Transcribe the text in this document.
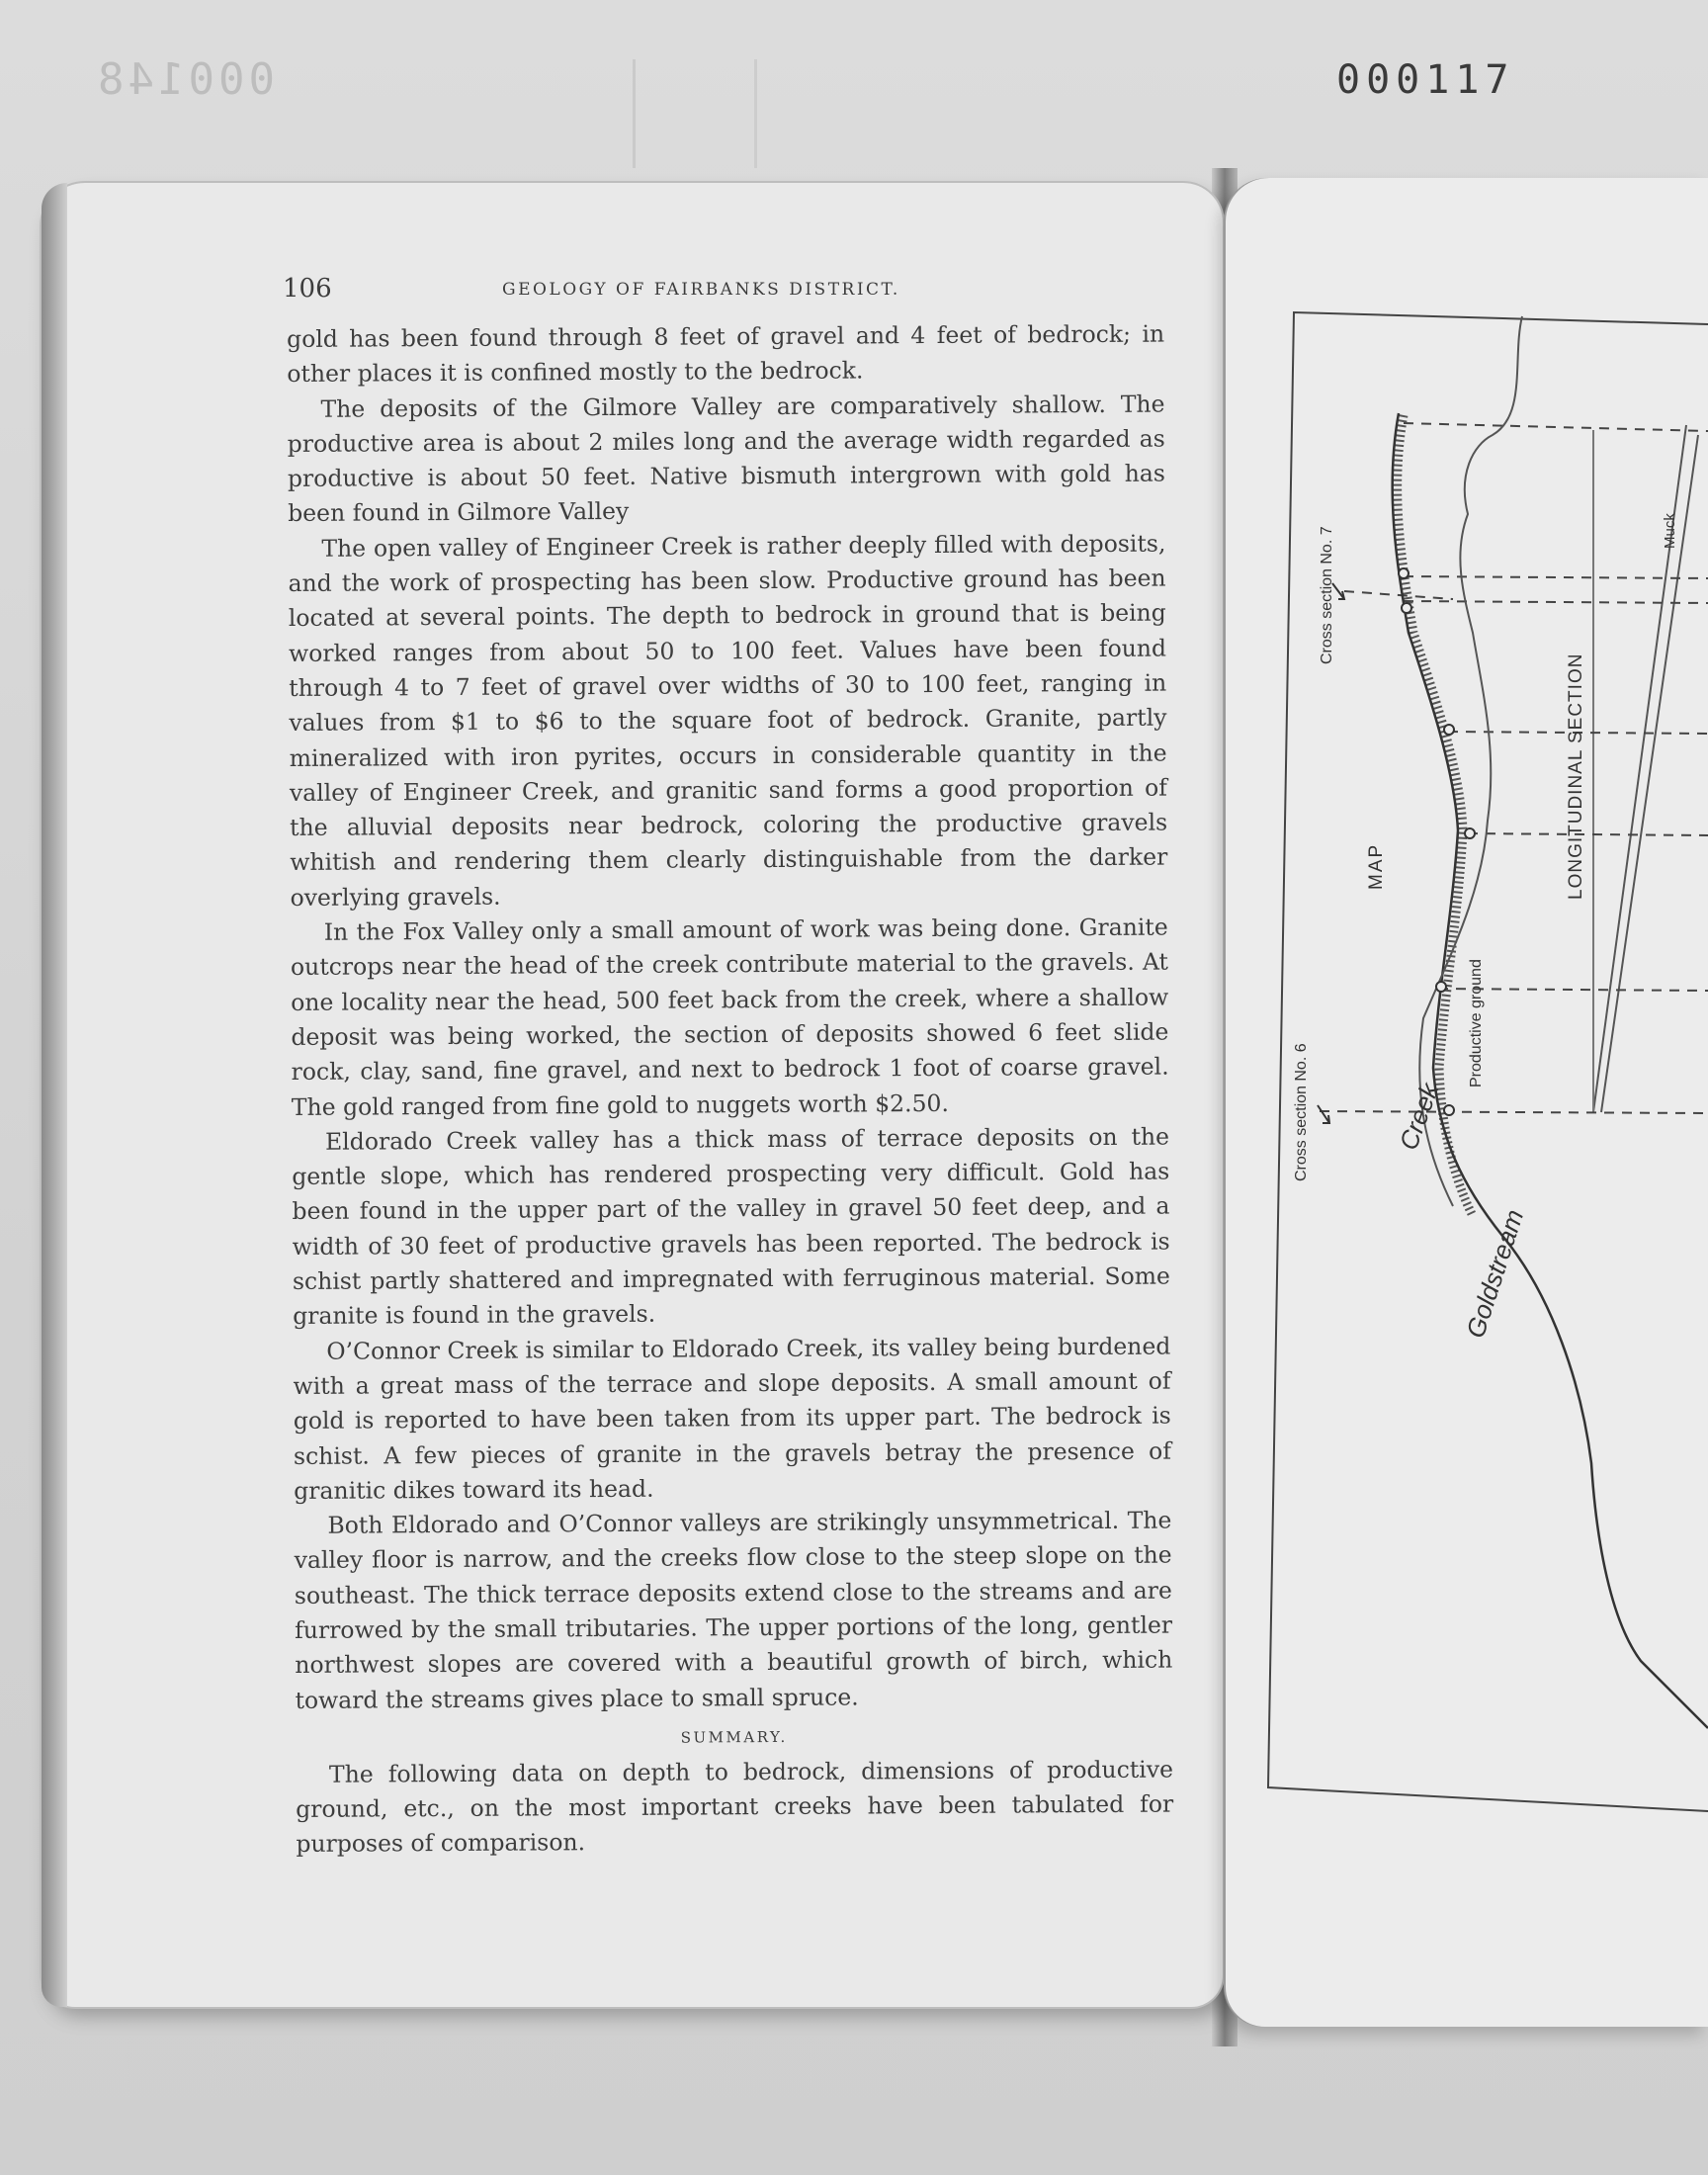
000148	000117
106	GEOLOGY OF FAIRBANKS DISTRICT.

gold has been found through 8 feet of gravel and 4 feet of bedrock; in other places it is confined mostly to the bedrock.

The deposits of the Gilmore Valley are comparatively shallow. The productive area is about 2 miles long and the average width regarded as productive is about 50 feet. Native bismuth intergrown with gold has been found in Gilmore Valley

The open valley of Engineer Creek is rather deeply filled with deposits, and the work of prospecting has been slow. Productive ground has been located at several points. The depth to bedrock in ground that is being worked ranges from about 50 to 100 feet. Values have been found through 4 to 7 feet of gravel over widths of 30 to 100 feet, ranging in values from $1 to $6 to the square foot of bedrock. Granite, partly mineralized with iron pyrites, occurs in considerable quantity in the valley of Engineer Creek, and granitic sand forms a good proportion of the alluvial deposits near bedrock, coloring the productive gravels whitish and rendering them clearly distinguishable from the darker overlying gravels.

In the Fox Valley only a small amount of work was being done. Granite outcrops near the head of the creek contribute material to the gravels. At one locality near the head, 500 feet back from the creek, where a shallow deposit was being worked, the section of deposits showed 6 feet slide rock, clay, sand, fine gravel, and next to bedrock 1 foot of coarse gravel. The gold ranged from fine gold to nuggets worth $2.50.

Eldorado Creek valley has a thick mass of terrace deposits on the gentle slope, which has rendered prospecting very difficult. Gold has been found in the upper part of the valley in gravel 50 feet deep, and a width of 30 feet of productive gravels has been reported. The bedrock is schist partly shattered and impregnated with ferruginous material. Some granite is found in the gravels.

O’Connor Creek is similar to Eldorado Creek, its valley being burdened with a great mass of the terrace and slope deposits. A small amount of gold is reported to have been taken from its upper part. The bedrock is schist. A few pieces of granite in the gravels betray the presence of granitic dikes toward its head.

Both Eldorado and O’Connor valleys are strikingly unsymmetrical. The valley floor is narrow, and the creeks flow close to the steep slope on the southeast. The thick terrace deposits extend close to the streams and are furrowed by the small tributaries. The upper portions of the long, gentler northwest slopes are covered with a beautiful growth of birch, which toward the streams gives place to small spruce.

SUMMARY.

The following data on depth to bedrock, dimensions of productive ground, etc., on the most important creeks have been tabulated for purposes of comparison.

Cross section No. 7
Cross section No. 6
MAP	LONGITUDINAL SECTION
Muck
Productive ground
Creek
Goldstream
